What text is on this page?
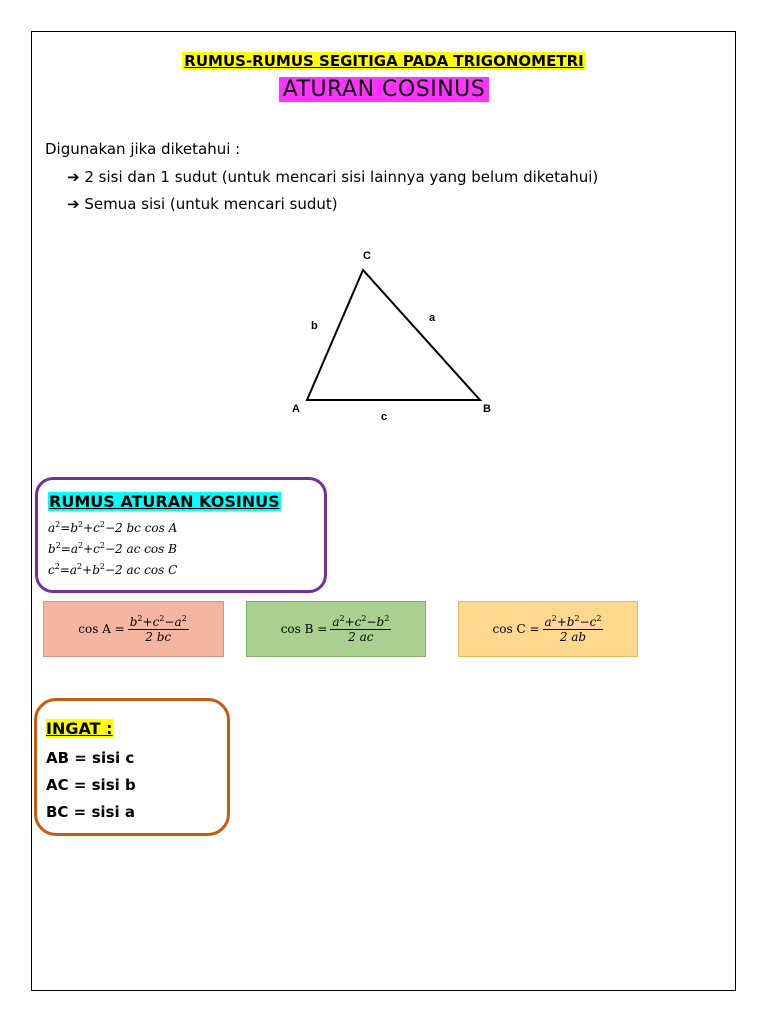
RUMUS-RUMUS SEGITIGA PADA TRIGONOMETRI
ATURAN COSINUS
Digunakan jika diketahui :
➔ 2 sisi dan 1 sudut (untuk mencari sisi lainnya yang belum diketahui)
➔ Semua sisi (untuk mencari sudut)
A	B
C
a
b
c
RUMUS ATURAN KOSINUS
$a^2=b^2+c^2-2$ bc cos A
$b^2=a^2+c^2-2$ ac cos B
$c^2=a^2+b^2-2$ ac cos C
$\cos A = \frac{b^2+c^2-a^2}{2 bc}$	$\cos B = \frac{a^2+c^2-b^2}{2 ac}$	$\cos C = \frac{a^2+b^2-c^2}{2 ab}$
INGAT :
AB = sisi c
AC = sisi b
BC = sisi a
